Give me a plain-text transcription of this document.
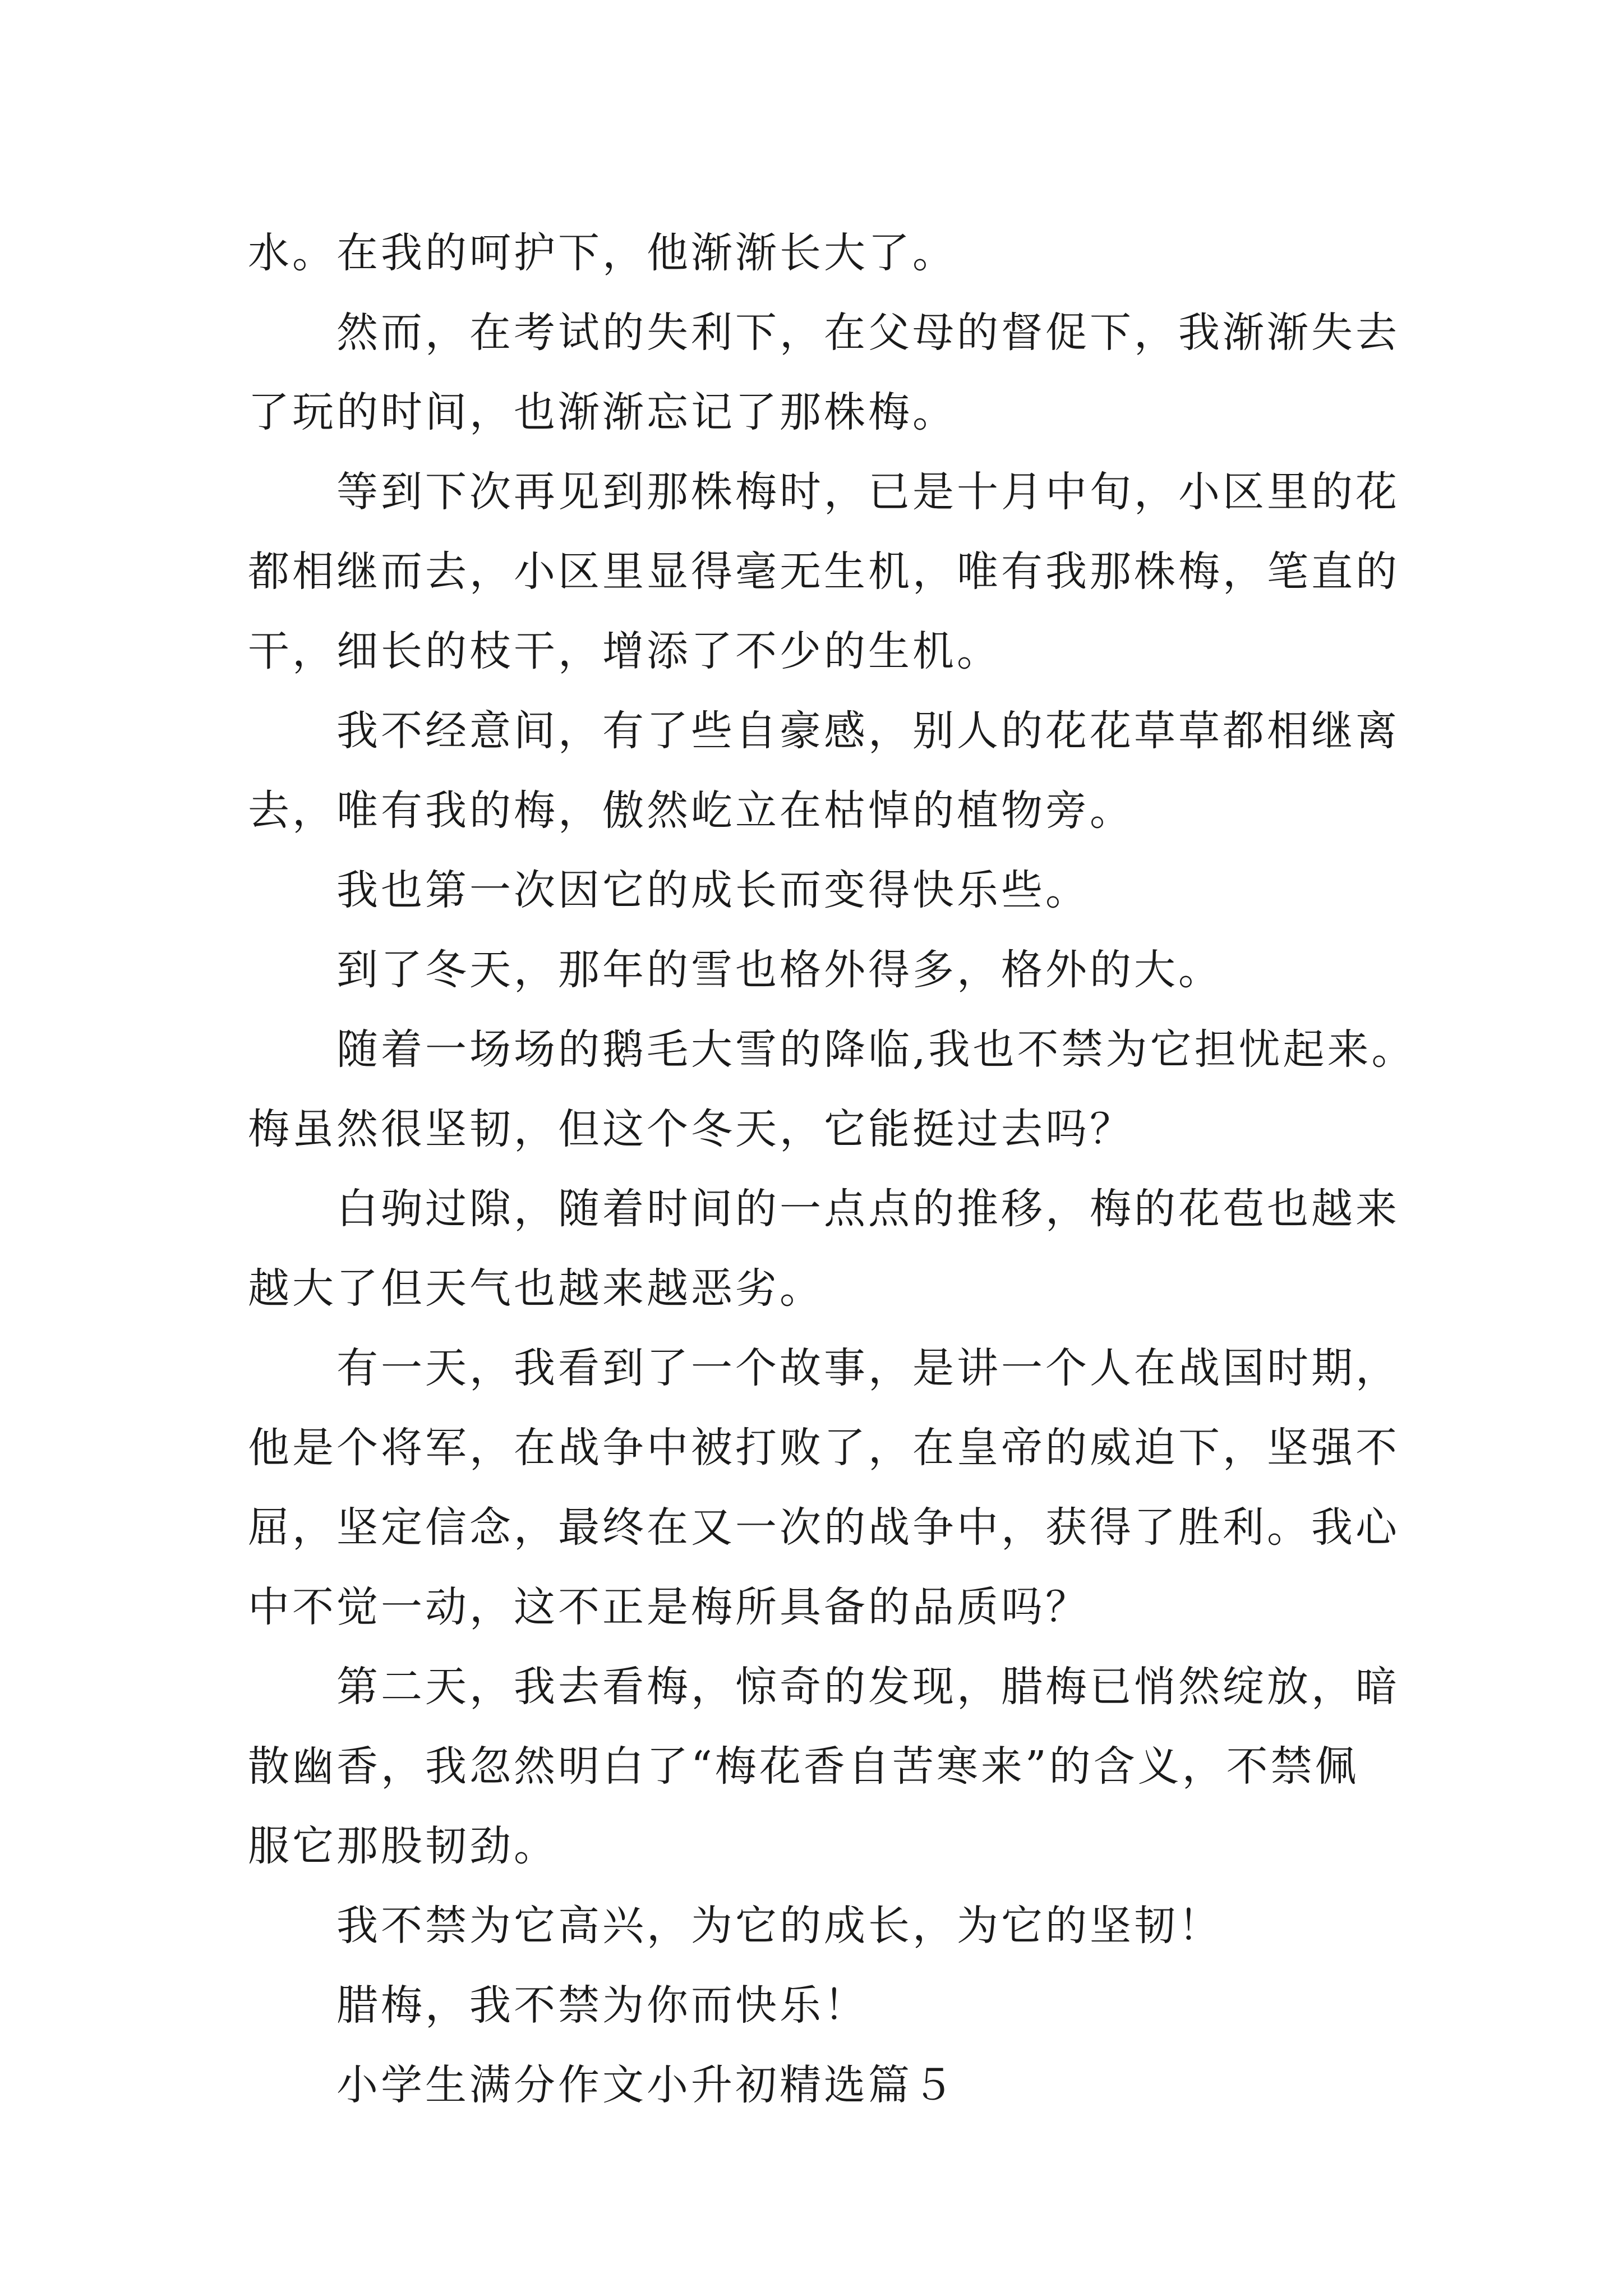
水。在我的呵护下，他渐渐长大了。
然而，在考试的失利下，在父母的督促下，我渐渐失去
了玩的时间，也渐渐忘记了那株梅。
等到下次再见到那株梅时，已是十月中旬，小区里的花
都相继而去，小区里显得毫无生机，唯有我那株梅，笔直的
干，细长的枝干，增添了不少的生机。
我不经意间，有了些自豪感，别人的花花草草都相继离
去，唯有我的梅，傲然屹立在枯悼的植物旁。
我也第一次因它的成长而变得快乐些。
到了冬天，那年的雪也格外得多，格外的大。
随着一场场的鹅毛大雪的降临,我也不禁为它担忧起来。
梅虽然很坚韧，但这个冬天，它能挺过去吗？
白驹过隙，随着时间的一点点的推移，梅的花苞也越来
越大了但天气也越来越恶劣。
有一天，我看到了一个故事，是讲一个人在战国时期，
他是个将军，在战争中被打败了，在皇帝的威迫下，坚强不
屈，坚定信念，最终在又一次的战争中，获得了胜利。我心
中不觉一动，这不正是梅所具备的品质吗？
第二天，我去看梅，惊奇的发现，腊梅已悄然绽放，暗
散幽香，我忽然明白了“梅花香自苦寒来”的含义，不禁佩
服它那股韧劲。
我不禁为它高兴，为它的成长，为它的坚韧！
腊梅，我不禁为你而快乐！
小学生满分作文小升初精选篇５
